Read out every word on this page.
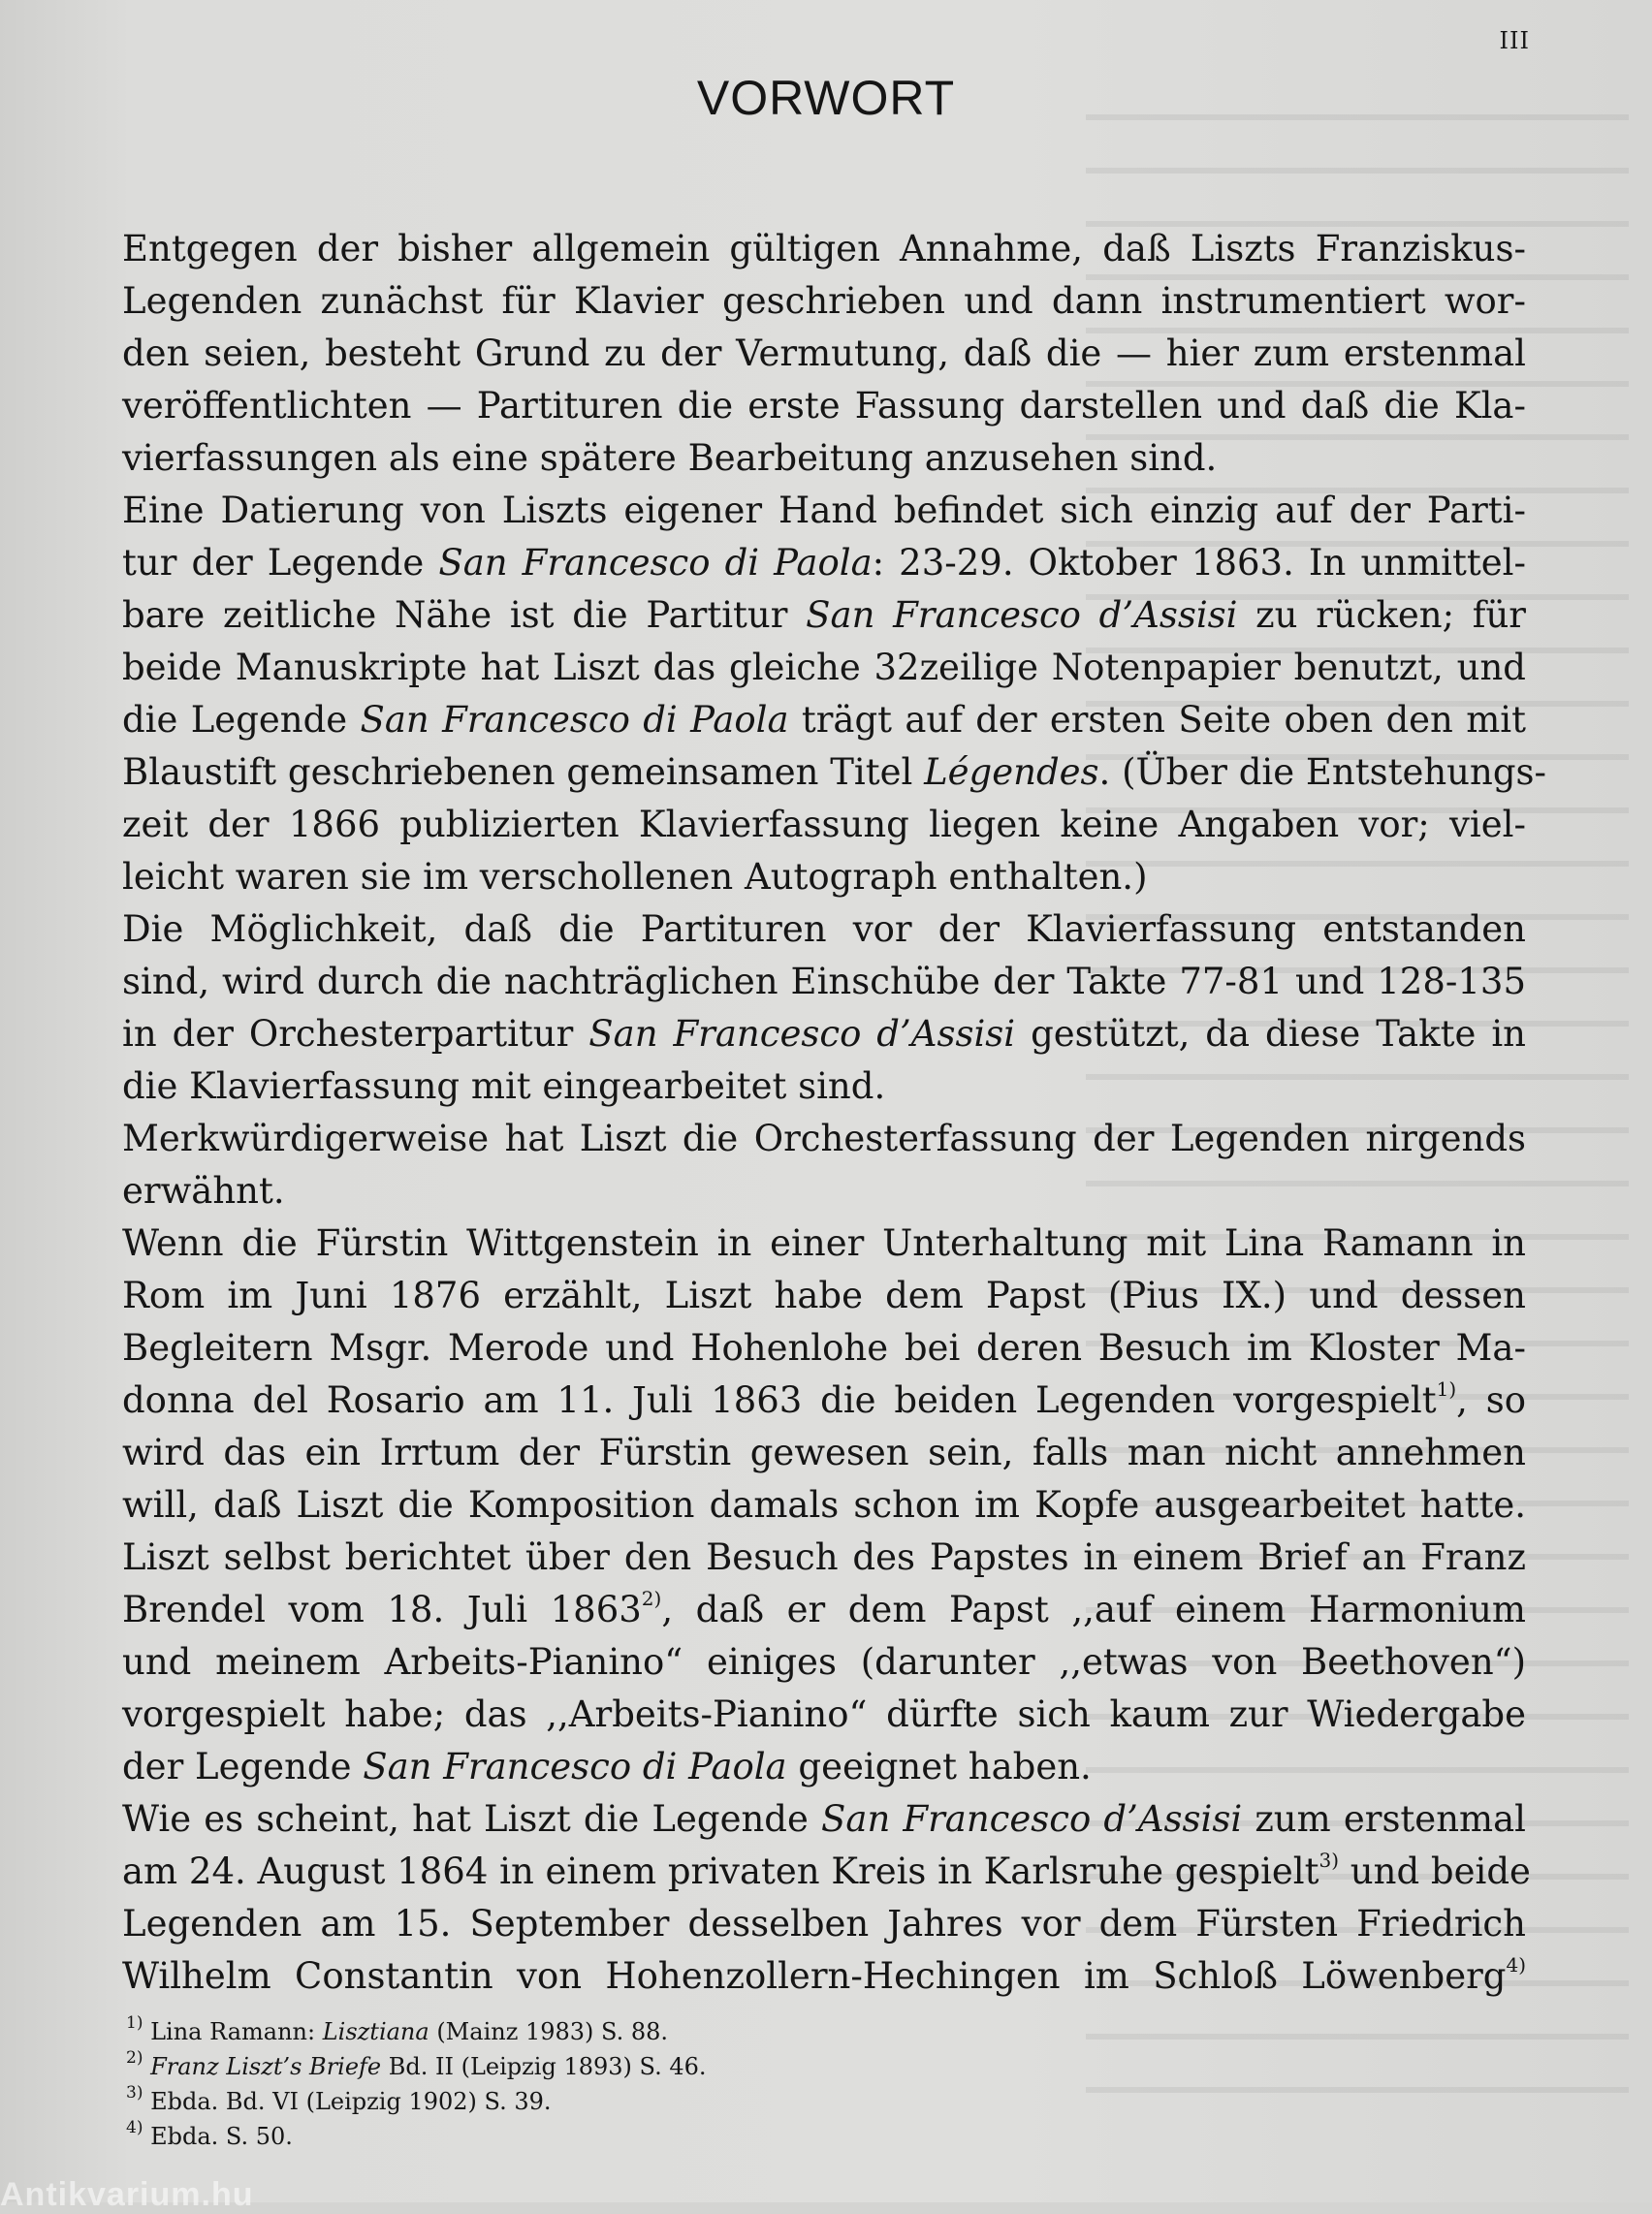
III
VORWORT
Entgegen der bisher allgemein gültigen Annahme, daß Liszts Franziskus-
Legenden zunächst für Klavier geschrieben und dann instrumentiert wor-
den seien, besteht Grund zu der Vermutung, daß die — hier zum erstenmal
veröffentlichten — Partituren die erste Fassung darstellen und daß die Kla-
vierfassungen als eine spätere Bearbeitung anzusehen sind.
Eine Datierung von Liszts eigener Hand befindet sich einzig auf der Parti-
tur der Legende San Francesco di Paola: 23-29. Oktober 1863. In unmittel-
bare zeitliche Nähe ist die Partitur San Francesco d’Assisi zu rücken; für
beide Manuskripte hat Liszt das gleiche 32zeilige Notenpapier benutzt, und
die Legende San Francesco di Paola trägt auf der ersten Seite oben den mit
Blaustift geschriebenen gemeinsamen Titel Légendes. (Über die Entstehungs-
zeit der 1866 publizierten Klavierfassung liegen keine Angaben vor; viel-
leicht waren sie im verschollenen Autograph enthalten.)
Die Möglichkeit, daß die Partituren vor der Klavierfassung entstanden
sind, wird durch die nachträglichen Einschübe der Takte 77-81 und 128-135
in der Orchesterpartitur San Francesco d’Assisi gestützt, da diese Takte in
die Klavierfassung mit eingearbeitet sind.
Merkwürdigerweise hat Liszt die Orchesterfassung der Legenden nirgends
erwähnt.
Wenn die Fürstin Wittgenstein in einer Unterhaltung mit Lina Ramann in
Rom im Juni 1876 erzählt, Liszt habe dem Papst (Pius IX.) und dessen
Begleitern Msgr. Merode und Hohenlohe bei deren Besuch im Kloster Ma-
donna del Rosario am 11. Juli 1863 die beiden Legenden vorgespielt$^{1)}$, so
wird das ein Irrtum der Fürstin gewesen sein, falls man nicht annehmen
will, daß Liszt die Komposition damals schon im Kopfe ausgearbeitet hatte.
Liszt selbst berichtet über den Besuch des Papstes in einem Brief an Franz
Brendel vom 18. Juli 1863$^{2)}$, daß er dem Papst ,,auf einem Harmonium
und meinem Arbeits-Pianino“ einiges (darunter ,,etwas von Beethoven“)
vorgespielt habe; das ,,Arbeits-Pianino“ dürfte sich kaum zur Wiedergabe
der Legende San Francesco di Paola geeignet haben.
Wie es scheint, hat Liszt die Legende San Francesco d’Assisi zum erstenmal
am 24. August 1864 in einem privaten Kreis in Karlsruhe gespielt$^{3)}$ und beide
Legenden am 15. September desselben Jahres vor dem Fürsten Friedrich
Wilhelm Constantin von Hohenzollern-Hechingen im Schloß Löwenberg$^{4)}$
$^{1)}$ Lina Ramann: Lisztiana (Mainz 1983) S. 88.
$^{2)}$ Franz Liszt’s Briefe Bd. II (Leipzig 1893) S. 46.
$^{3)}$ Ebda. Bd. VI (Leipzig 1902) S. 39.
$^{4)}$ Ebda. S. 50.
Antikvarium.hu
